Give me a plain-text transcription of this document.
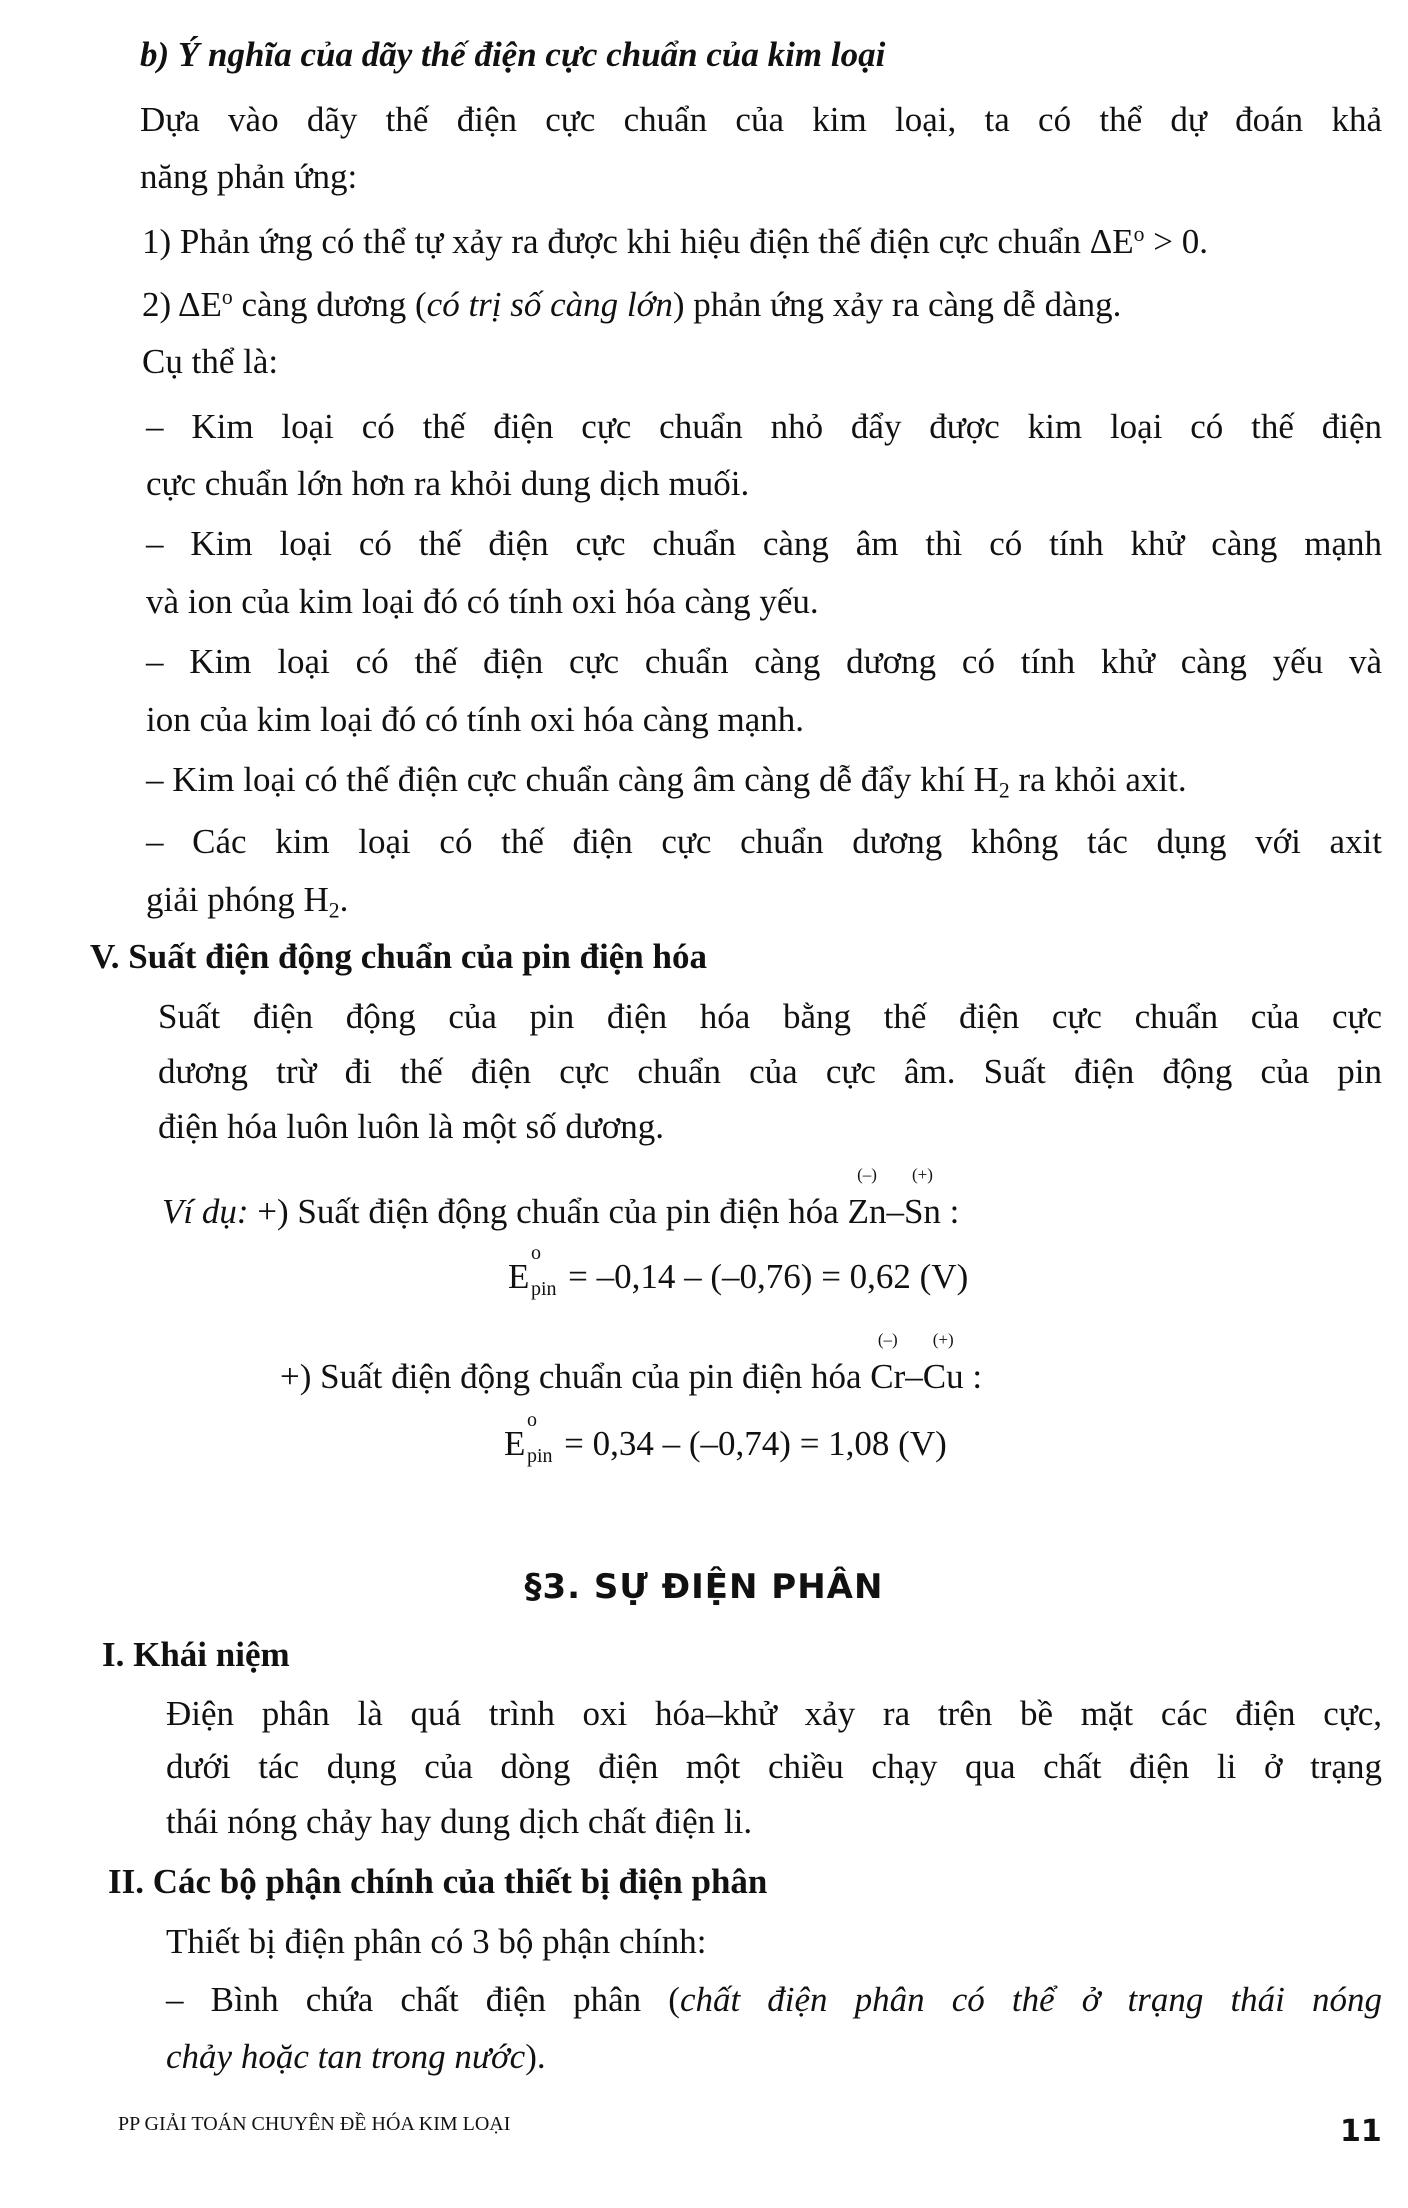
b) Ý nghĩa của dãy thế điện cực chuẩn của kim loại
Dựa vào dãy thế điện cực chuẩn của kim loại, ta có thể dự đoán khả
năng phản ứng:
1) Phản ứng có thể tự xảy ra được khi hiệu điện thế điện cực chuẩn $\Delta E^o > 0$.
2) $\Delta E^o$ càng dương (có trị số càng lớn) phản ứng xảy ra càng dễ dàng.
Cụ thể là:
– Kim loại có thế điện cực chuẩn nhỏ đẩy được kim loại có thế điện
cực chuẩn lớn hơn ra khỏi dung dịch muối.
– Kim loại có thế điện cực chuẩn càng âm thì có tính khử càng mạnh
và ion của kim loại đó có tính oxi hóa càng yếu.
– Kim loại có thế điện cực chuẩn càng dương có tính khử càng yếu và
ion của kim loại đó có tính oxi hóa càng mạnh.
– Kim loại có thế điện cực chuẩn càng âm càng dễ đẩy khí $H_2$ ra khỏi axit.
– Các kim loại có thế điện cực chuẩn dương không tác dụng với axit
giải phóng $H_2$.
V. Suất điện động chuẩn của pin điện hóa
Suất điện động của pin điện hóa bằng thế điện cực chuẩn của cực
dương trừ đi thế điện cực chuẩn của cực âm. Suất điện động của pin
điện hóa luôn luôn là một số dương.
Ví dụ: +) Suất điện động chuẩn của pin điện hóa
(–)
Zn–
(+)
Sn :
E
o
pin = –0,14 – (–0,76) = 0,62 (V)
+) Suất điện động chuẩn của pin điện hóa
(–)
Cr–
(+)
Cu :
E
o
pin = 0,34 – (–0,74) = 1,08 (V)
§3. SỰ ĐIỆN PHÂN
I. Khái niệm
Điện phân là quá trình oxi hóa–khử xảy ra trên bề mặt các điện cực,
dưới tác dụng của dòng điện một chiều chạy qua chất điện li ở trạng
thái nóng chảy hay dung dịch chất điện li.
II. Các bộ phận chính của thiết bị điện phân
Thiết bị điện phân có 3 bộ phận chính:
– Bình chứa chất điện phân (chất điện phân có thể ở trạng thái nóng
chảy hoặc tan trong nước).
PP GIẢI TOÁN CHUYÊN ĐỀ HÓA KIM LOẠI	11
